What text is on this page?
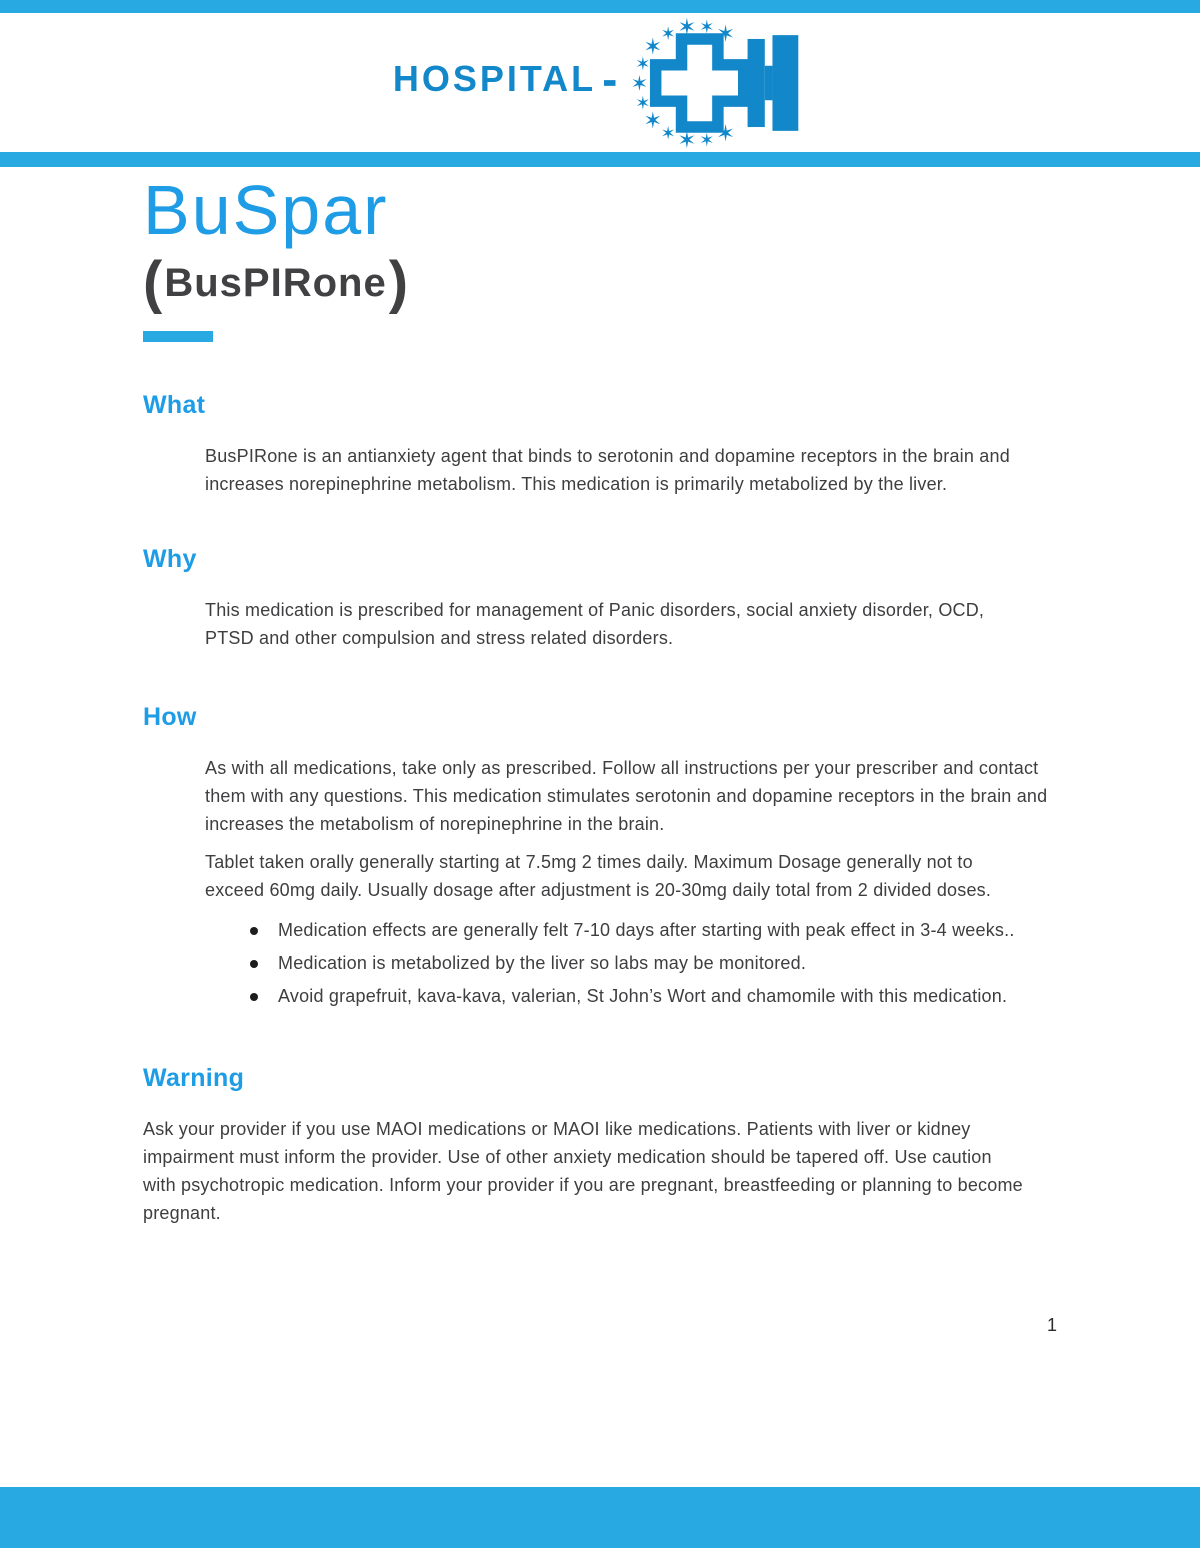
HOSPITAL
BuSpar
( BusPIRone )
What

BusPIRone is an antianxiety agent that binds to serotonin and dopamine receptors in the brain and increases norepinephrine metabolism. This medication is primarily metabolized by the liver.

Why

This medication is prescribed for management of Panic disorders, social anxiety disorder, OCD, PTSD and other compulsion and stress related disorders.

How

As with all medications, take only as prescribed. Follow all instructions per your prescriber and contact them with any questions. This medication stimulates serotonin and dopamine receptors in the brain and increases the metabolism of norepinephrine in the brain.

Tablet taken orally generally starting at 7.5mg 2 times daily. Maximum Dosage generally not to exceed 60mg daily. Usually dosage after adjustment is 20-30mg daily total from 2 divided doses.

Medication effects are generally felt 7-10 days after starting with peak effect in 3-4 weeks..
Medication is metabolized by the liver so labs may be monitored.
Avoid grapefruit, kava-kava, valerian, St John’s Wort and chamomile with this medication.
Warning

Ask your provider if you use MAOI medications or MAOI like medications. Patients with liver or kidney impairment must inform the provider. Use of other anxiety medication should be tapered off. Use caution with psychotropic medication. Inform your provider if you are pregnant, breastfeeding or planning to become pregnant.

1
